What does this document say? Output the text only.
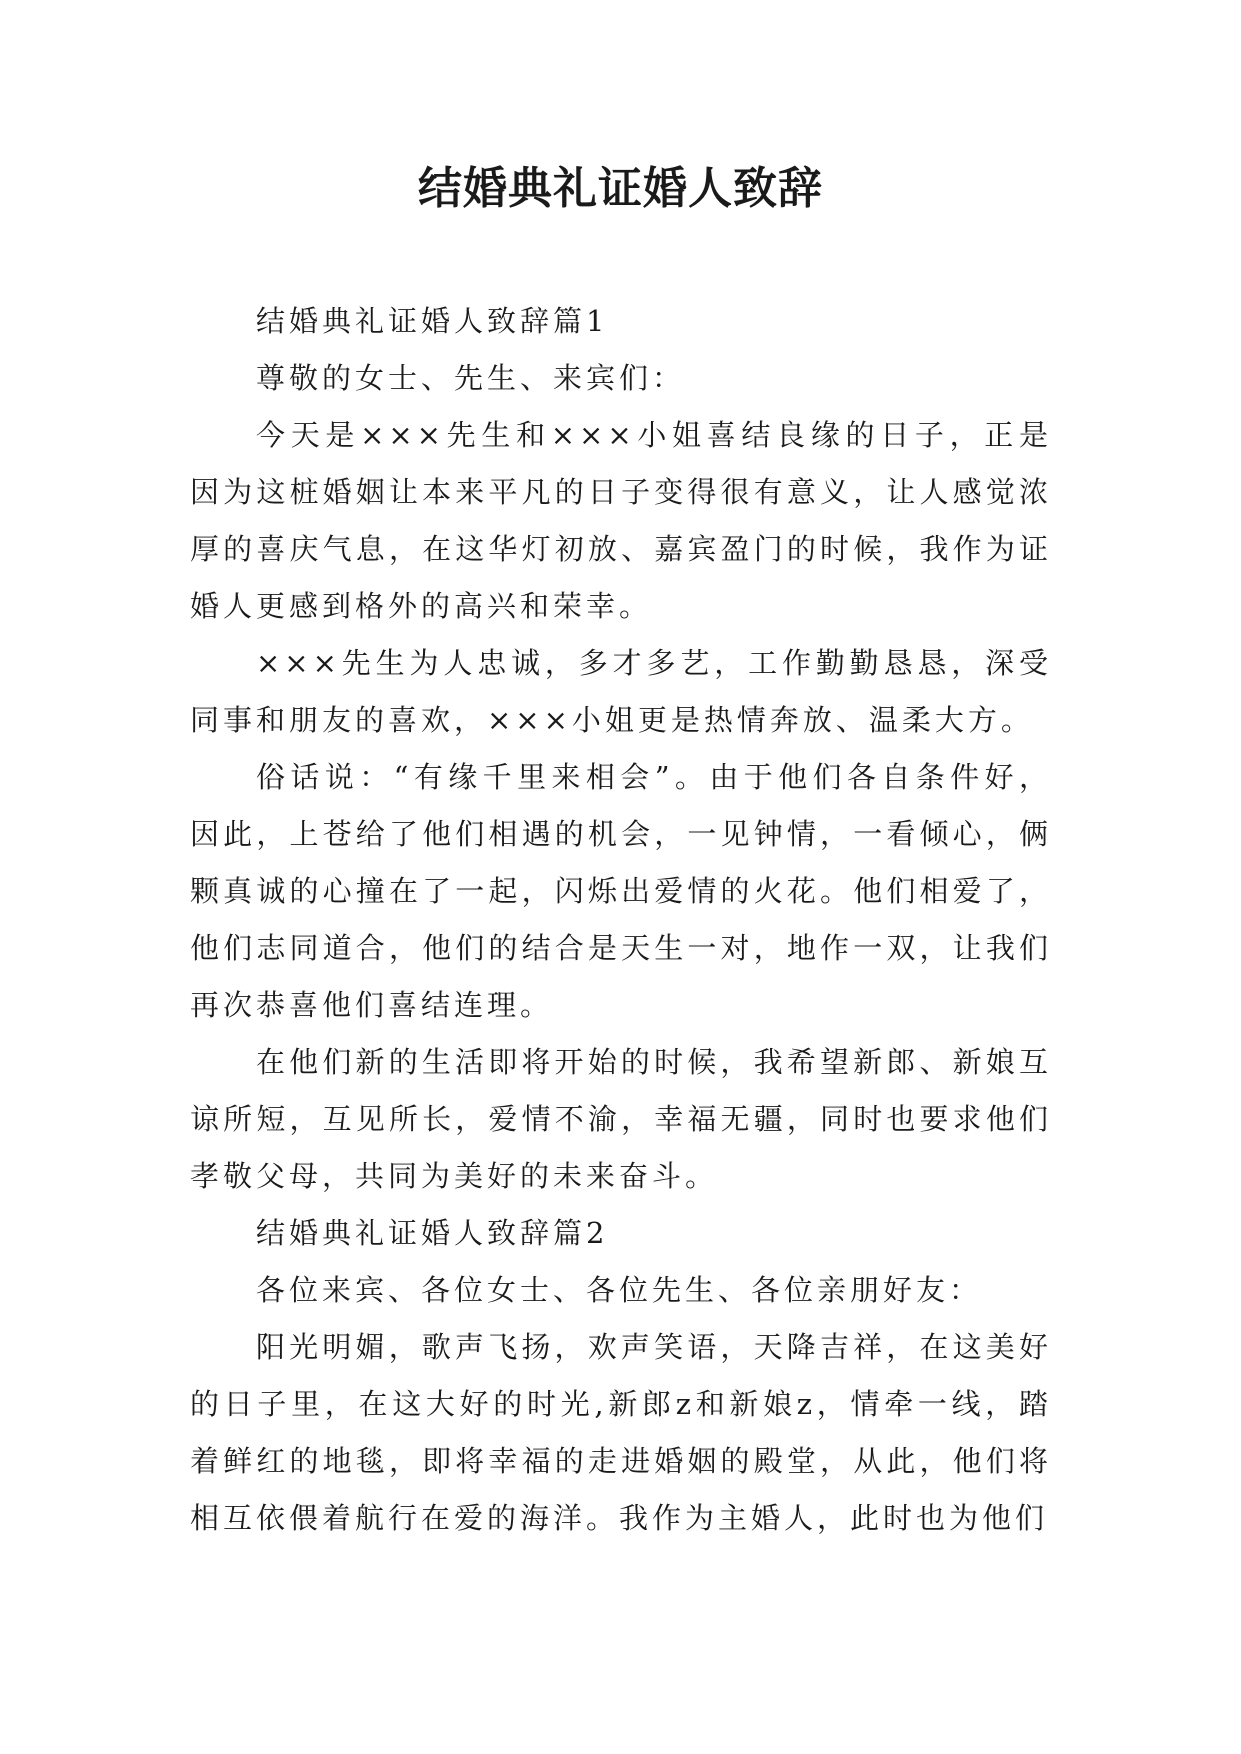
结婚典礼证婚人致辞

结婚典礼证婚人致辞篇1

尊敬的女士、先生、来宾们：

今天是×××先生和×××小姐喜结良缘的日子，正是因为这桩婚姻让本来平凡的日子变得很有意义，让人感觉浓厚的喜庆气息，在这华灯初放、嘉宾盈门的时候，我作为证婚人更感到格外的高兴和荣幸。

×××先生为人忠诚，多才多艺，工作勤勤恳恳，深受同事和朋友的喜欢，×××小姐更是热情奔放、温柔大方。

俗话说：“有缘千里来相会”。由于他们各自条件好，因此，上苍给了他们相遇的机会，一见钟情，一看倾心，俩颗真诚的心撞在了一起，闪烁出爱情的火花。他们相爱了，他们志同道合，他们的结合是天生一对，地作一双，让我们再次恭喜他们喜结连理。

在他们新的生活即将开始的时候，我希望新郎、新娘互谅所短，互见所长，爱情不渝，幸福无疆，同时也要求他们孝敬父母，共同为美好的未来奋斗。

结婚典礼证婚人致辞篇2

各位来宾、各位女士、各位先生、各位亲朋好友：

阳光明媚，歌声飞扬，欢声笑语，天降吉祥，在这美好的日子里，在这大好的时光,新郎z和新娘z，情牵一线，踏着鲜红的地毯，即将幸福的走进婚姻的殿堂，从此，他们将相互依偎着航行在爱的海洋。我作为主婚人，此时也为他们
